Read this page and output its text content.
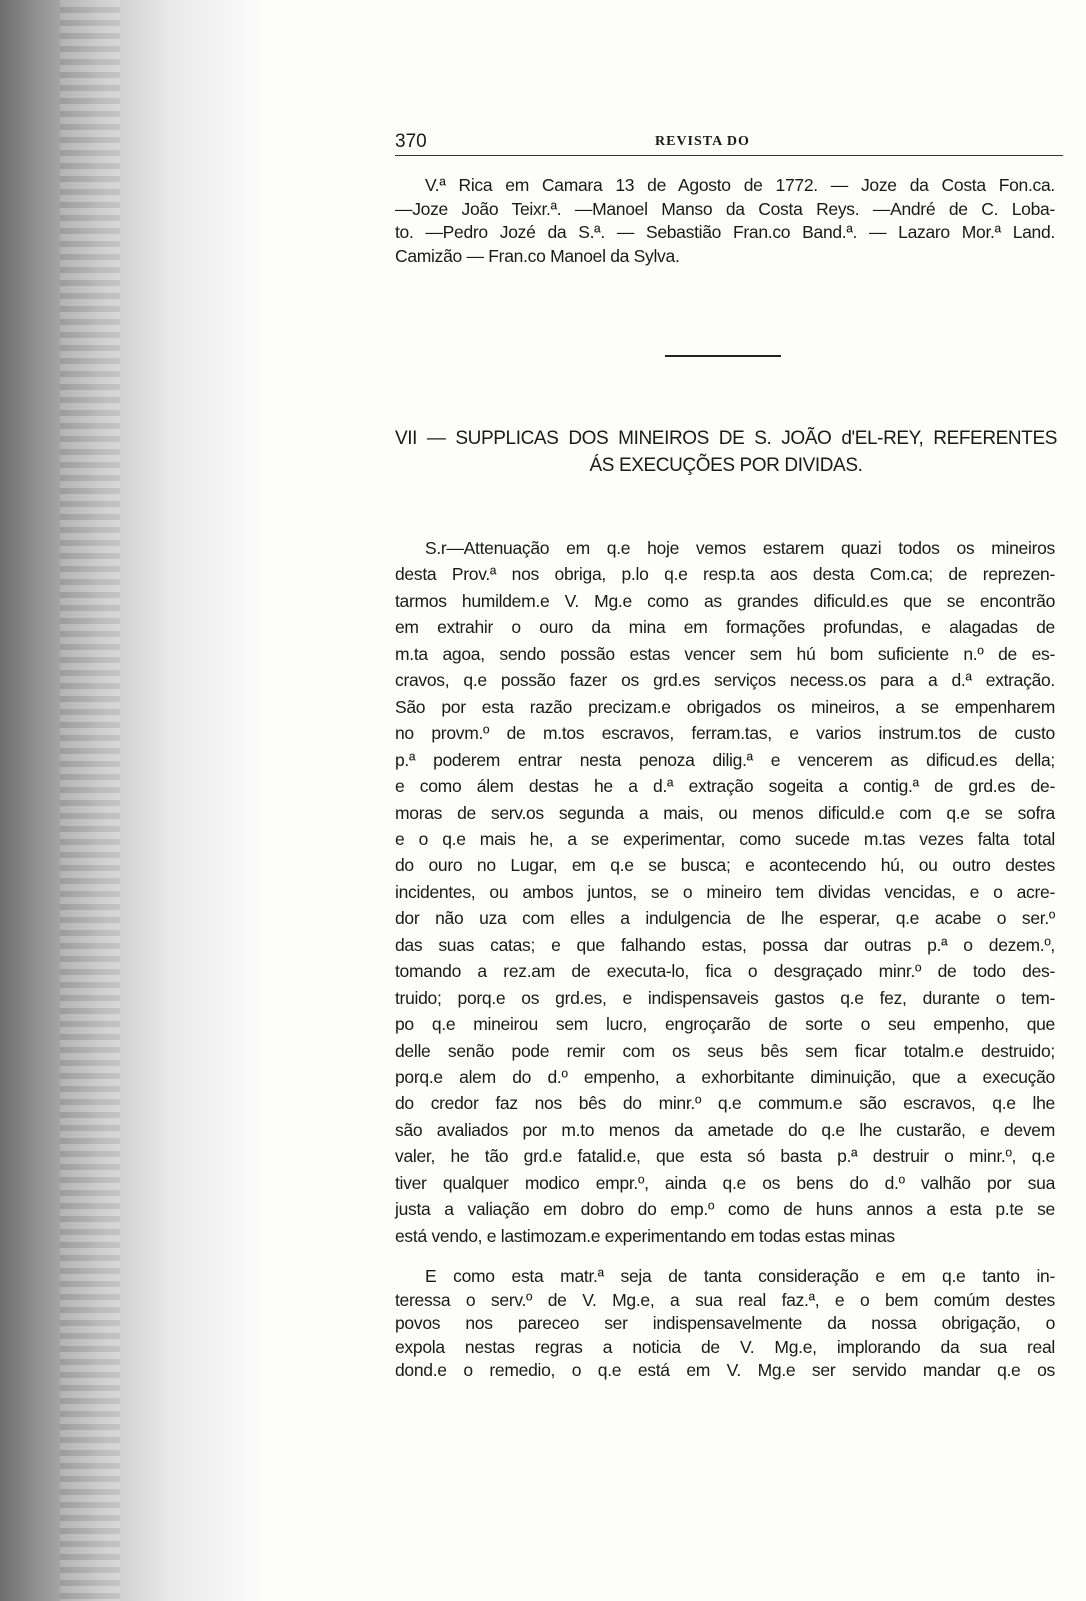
370	REVISTA DO
V.ª Rica em Camara 13 de Agosto de 1772. — Joze da Costa Fon.ca.
—Joze João Teixr.ª. —Manoel Manso da Costa Reys. —André de C. Loba-
to. —Pedro Jozé da S.ª. — Sebastião Fran.co Band.ª. — Lazaro Mor.ª Land.
Camizão — Fran.co Manoel da Sylva.
VII — SUPPLICAS DOS MINEIROS DE S. JOÃO d'EL-REY, REFERENTES
ÁS EXECUÇÕES POR DIVIDAS.
S.r—Attenuação em q.e hoje vemos estarem quazi todos os mineiros
desta Prov.ª nos obriga, p.lo q.e resp.ta aos desta Com.ca; de reprezen-
tarmos humildem.e V. Mg.e como as grandes dificuld.es que se encontrão
em extrahir o ouro da mina em formações profundas, e alagadas de
m.ta agoa, sendo possão estas vencer sem hú bom suficiente n.º de es-
cravos, q.e possão fazer os grd.es serviços necess.os para a d.ª extração.
São por esta razão precizam.e obrigados os mineiros, a se empenharem
no provm.º de m.tos escravos, ferram.tas, e varios instrum.tos de custo
p.ª poderem entrar nesta penoza dilig.ª e vencerem as dificud.es della;
e como álem destas he a d.ª extração sogeita a contig.ª de grd.es de-
moras de serv.os segunda a mais, ou menos dificuld.e com q.e se sofra
e o q.e mais he, a se experimentar, como sucede m.tas vezes falta total
do ouro no Lugar, em q.e se busca; e acontecendo hú, ou outro destes
incidentes, ou ambos juntos, se o mineiro tem dividas vencidas, e o acre-
dor não uza com elles a indulgencia de lhe esperar, q.e acabe o ser.º
das suas catas; e que falhando estas, possa dar outras p.ª o dezem.º,
tomando a rez.am de executa-lo, fica o desgraçado minr.º de todo des-
truido; porq.e os grd.es, e indispensaveis gastos q.e fez, durante o tem-
po q.e mineirou sem lucro, engroçarão de sorte o seu empenho, que
delle senão pode remir com os seus bês sem ficar totalm.e destruido;
porq.e alem do d.º empenho, a exhorbitante diminuição, que a execução
do credor faz nos bês do minr.º q.e commum.e são escravos, q.e lhe
são avaliados por m.to menos da ametade do q.e lhe custarão, e devem
valer, he tão grd.e fatalid.e, que esta só basta p.ª destruir o minr.º, q.e
tiver qualquer modico empr.º, ainda q.e os bens do d.º valhão por sua
justa a valiação em dobro do emp.º como de huns annos a esta p.te se
está vendo, e lastimozam.e experimentando em todas estas minas
E como esta matr.ª seja de tanta consideração e em q.e tanto in-
teressa o serv.º de V. Mg.e, a sua real faz.ª, e o bem comúm destes
povos nos pareceo ser indispensavelmente da nossa obrigação, o
expola nestas regras a noticia de V. Mg.e, implorando da sua real
dond.e o remedio, o q.e está em V. Mg.e ser servido mandar q.e os
